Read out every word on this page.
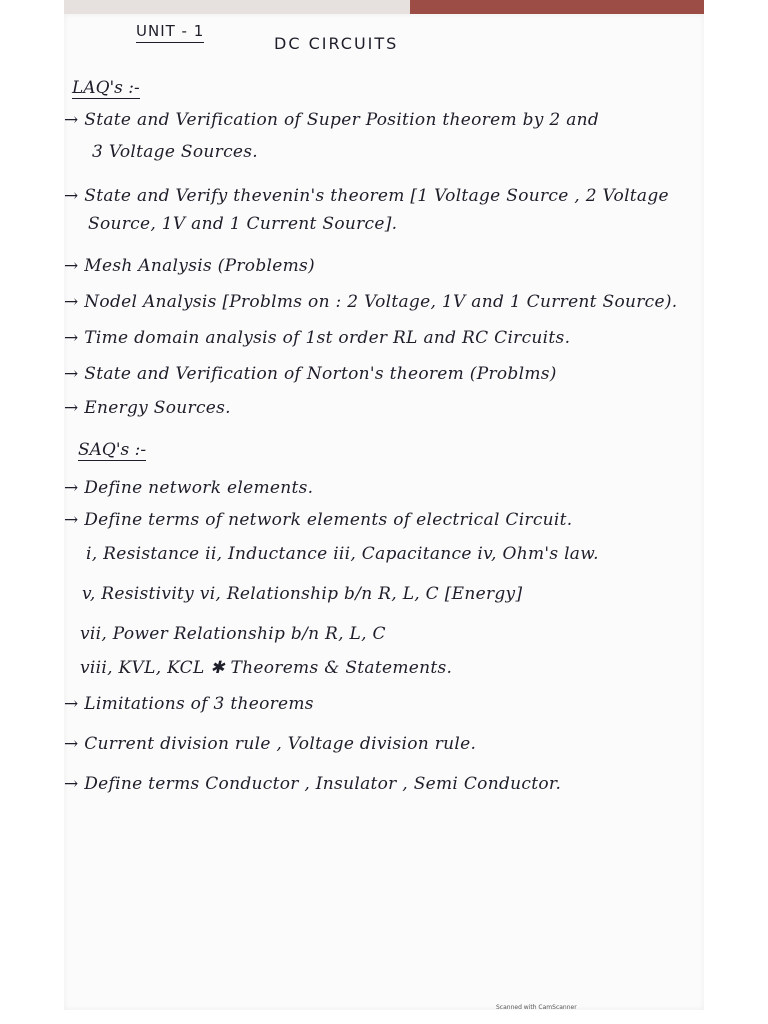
UNIT - 1
DC CIRCUITS
LAQ's :-
→ State and Verification of Super Position theorem by 2 and
3 Voltage Sources.
→ State and Verify thevenin's theorem [1 Voltage Source , 2 Voltage
Source, 1V and 1 Current Source].
→ Mesh Analysis (Problems)
→ Nodel Analysis [Problms on : 2 Voltage, 1V and 1 Current Source).
→ Time domain analysis of 1st order RL and RC Circuits.
→ State and Verification of Norton's theorem (Problms)
→ Energy Sources.
SAQ's :-
→ Define network elements.
→ Define terms of network elements of electrical Circuit.
i, Resistance ii, Inductance iii, Capacitance iv, Ohm's law.
v, Resistivity vi, Relationship b/n R, L, C [Energy]
vii, Power Relationship b/n R, L, C
viii, KVL, KCL ✱ Theorems & Statements.
→ Limitations of 3 theorems
→ Current division rule , Voltage division rule.
→ Define terms Conductor , Insulator , Semi Conductor.
Scanned with CamScanner
